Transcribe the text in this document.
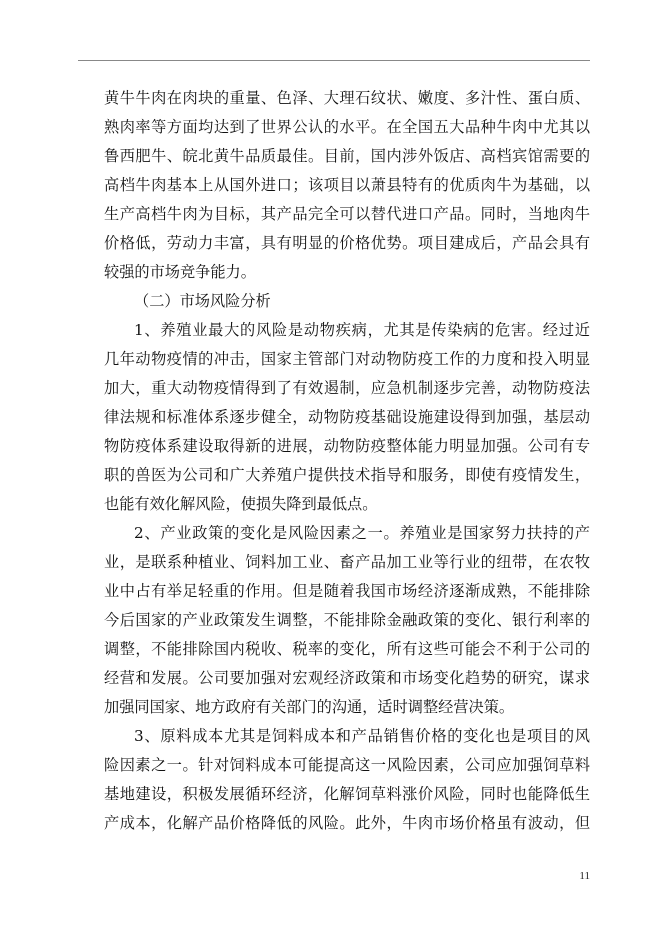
黄牛牛肉在肉块的重量、色泽、大理石纹状、嫩度、多汁性、蛋白质、
熟肉率等方面均达到了世界公认的水平。在全国五大品种牛肉中尤其以
鲁西肥牛、皖北黄牛品质最佳。目前，国内涉外饭店、高档宾馆需要的
高档牛肉基本上从国外进口；该项目以萧县特有的优质肉牛为基础，以
生产高档牛肉为目标，其产品完全可以替代进口产品。同时，当地肉牛
价格低，劳动力丰富，具有明显的价格优势。项目建成后，产品会具有
较强的市场竞争能力。
（二）市场风险分析
1、养殖业最大的风险是动物疾病，尤其是传染病的危害。经过近
几年动物疫情的冲击，国家主管部门对动物防疫工作的力度和投入明显
加大，重大动物疫情得到了有效遏制，应急机制逐步完善，动物防疫法
律法规和标准体系逐步健全，动物防疫基础设施建设得到加强，基层动
物防疫体系建设取得新的进展，动物防疫整体能力明显加强。公司有专
职的兽医为公司和广大养殖户提供技术指导和服务，即使有疫情发生，
也能有效化解风险，使损失降到最低点。
2、产业政策的变化是风险因素之一。养殖业是国家努力扶持的产
业，是联系种植业、饲料加工业、畜产品加工业等行业的纽带，在农牧
业中占有举足轻重的作用。但是随着我国市场经济逐渐成熟，不能排除
今后国家的产业政策发生调整，不能排除金融政策的变化、银行利率的
调整，不能排除国内税收、税率的变化，所有这些可能会不利于公司的
经营和发展。公司要加强对宏观经济政策和市场变化趋势的研究，谋求
加强同国家、地方政府有关部门的沟通，适时调整经营决策。
3、原料成本尤其是饲料成本和产品销售价格的变化也是项目的风
险因素之一。针对饲料成本可能提高这一风险因素，公司应加强饲草料
基地建设，积极发展循环经济，化解饲草料涨价风险，同时也能降低生
产成本，化解产品价格降低的风险。此外，牛肉市场价格虽有波动，但
11
